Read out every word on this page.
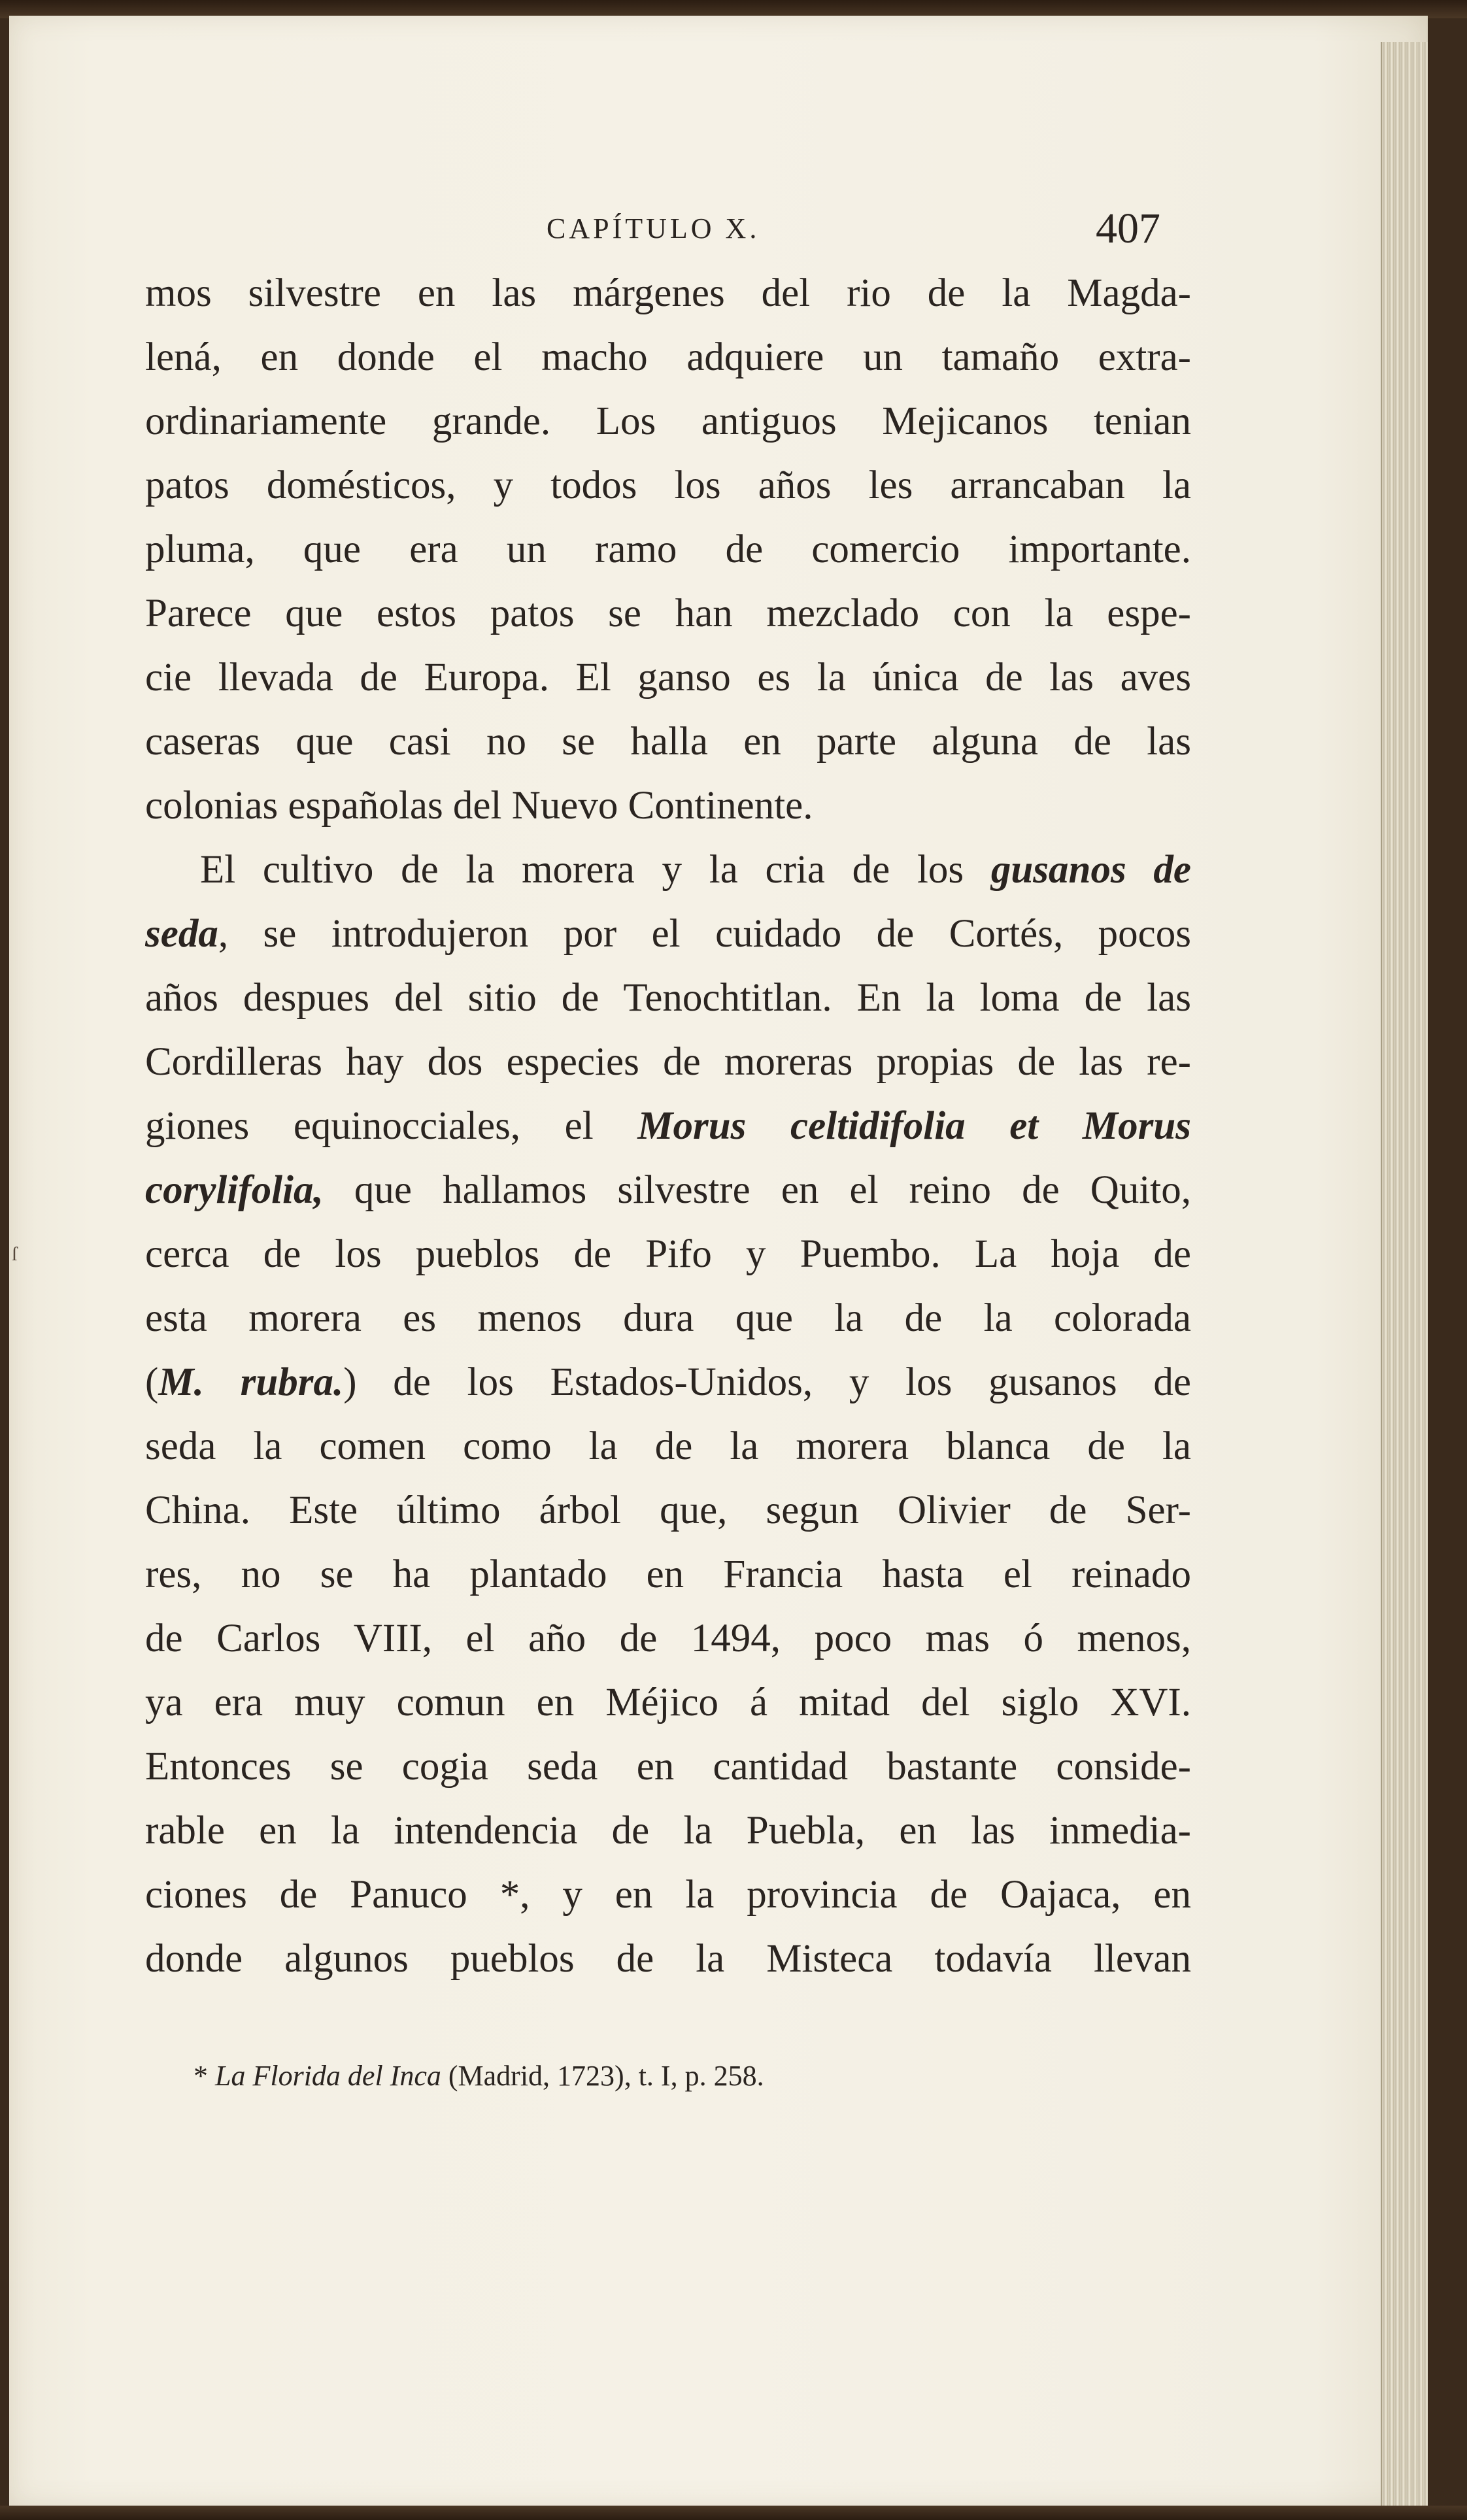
ſ
CAPÍTULO X.	407
mos silvestre en las márgenes del rio de la Magda-
lená, en donde el macho adquiere un tamaño extra-
ordinariamente grande. Los antiguos Mejicanos tenian
patos domésticos, y todos los años les arrancaban la
pluma, que era un ramo de comercio importante.
Parece que estos patos se han mezclado con la espe-
cie llevada de Europa. El ganso es la única de las aves
caseras que casi no se halla en parte alguna de las
colonias españolas del Nuevo Continente.
El cultivo de la morera y la cria de los gusanos de
seda, se introdujeron por el cuidado de Cortés, pocos
años despues del sitio de Tenochtitlan. En la loma de las
Cordilleras hay dos especies de moreras propias de las re-
giones equinocciales, el Morus celtidifolia et Morus
corylifolia, que hallamos silvestre en el reino de Quito,
cerca de los pueblos de Pifo y Puembo. La hoja de
esta morera es menos dura que la de la colorada
(M. rubra.) de los Estados-Unidos, y los gusanos de
seda la comen como la de la morera blanca de la
China. Este último árbol que, segun Olivier de Ser-
res, no se ha plantado en Francia hasta el reinado
de Carlos VIII, el año de 1494, poco mas ó menos,
ya era muy comun en Méjico á mitad del siglo XVI.
Entonces se cogia seda en cantidad bastante conside-
rable en la intendencia de la Puebla, en las inmedia-
ciones de Panuco *, y en la provincia de Oajaca, en
donde algunos pueblos de la Misteca todavía llevan
* La Florida del Inca (Madrid, 1723), t. I, p. 258.
